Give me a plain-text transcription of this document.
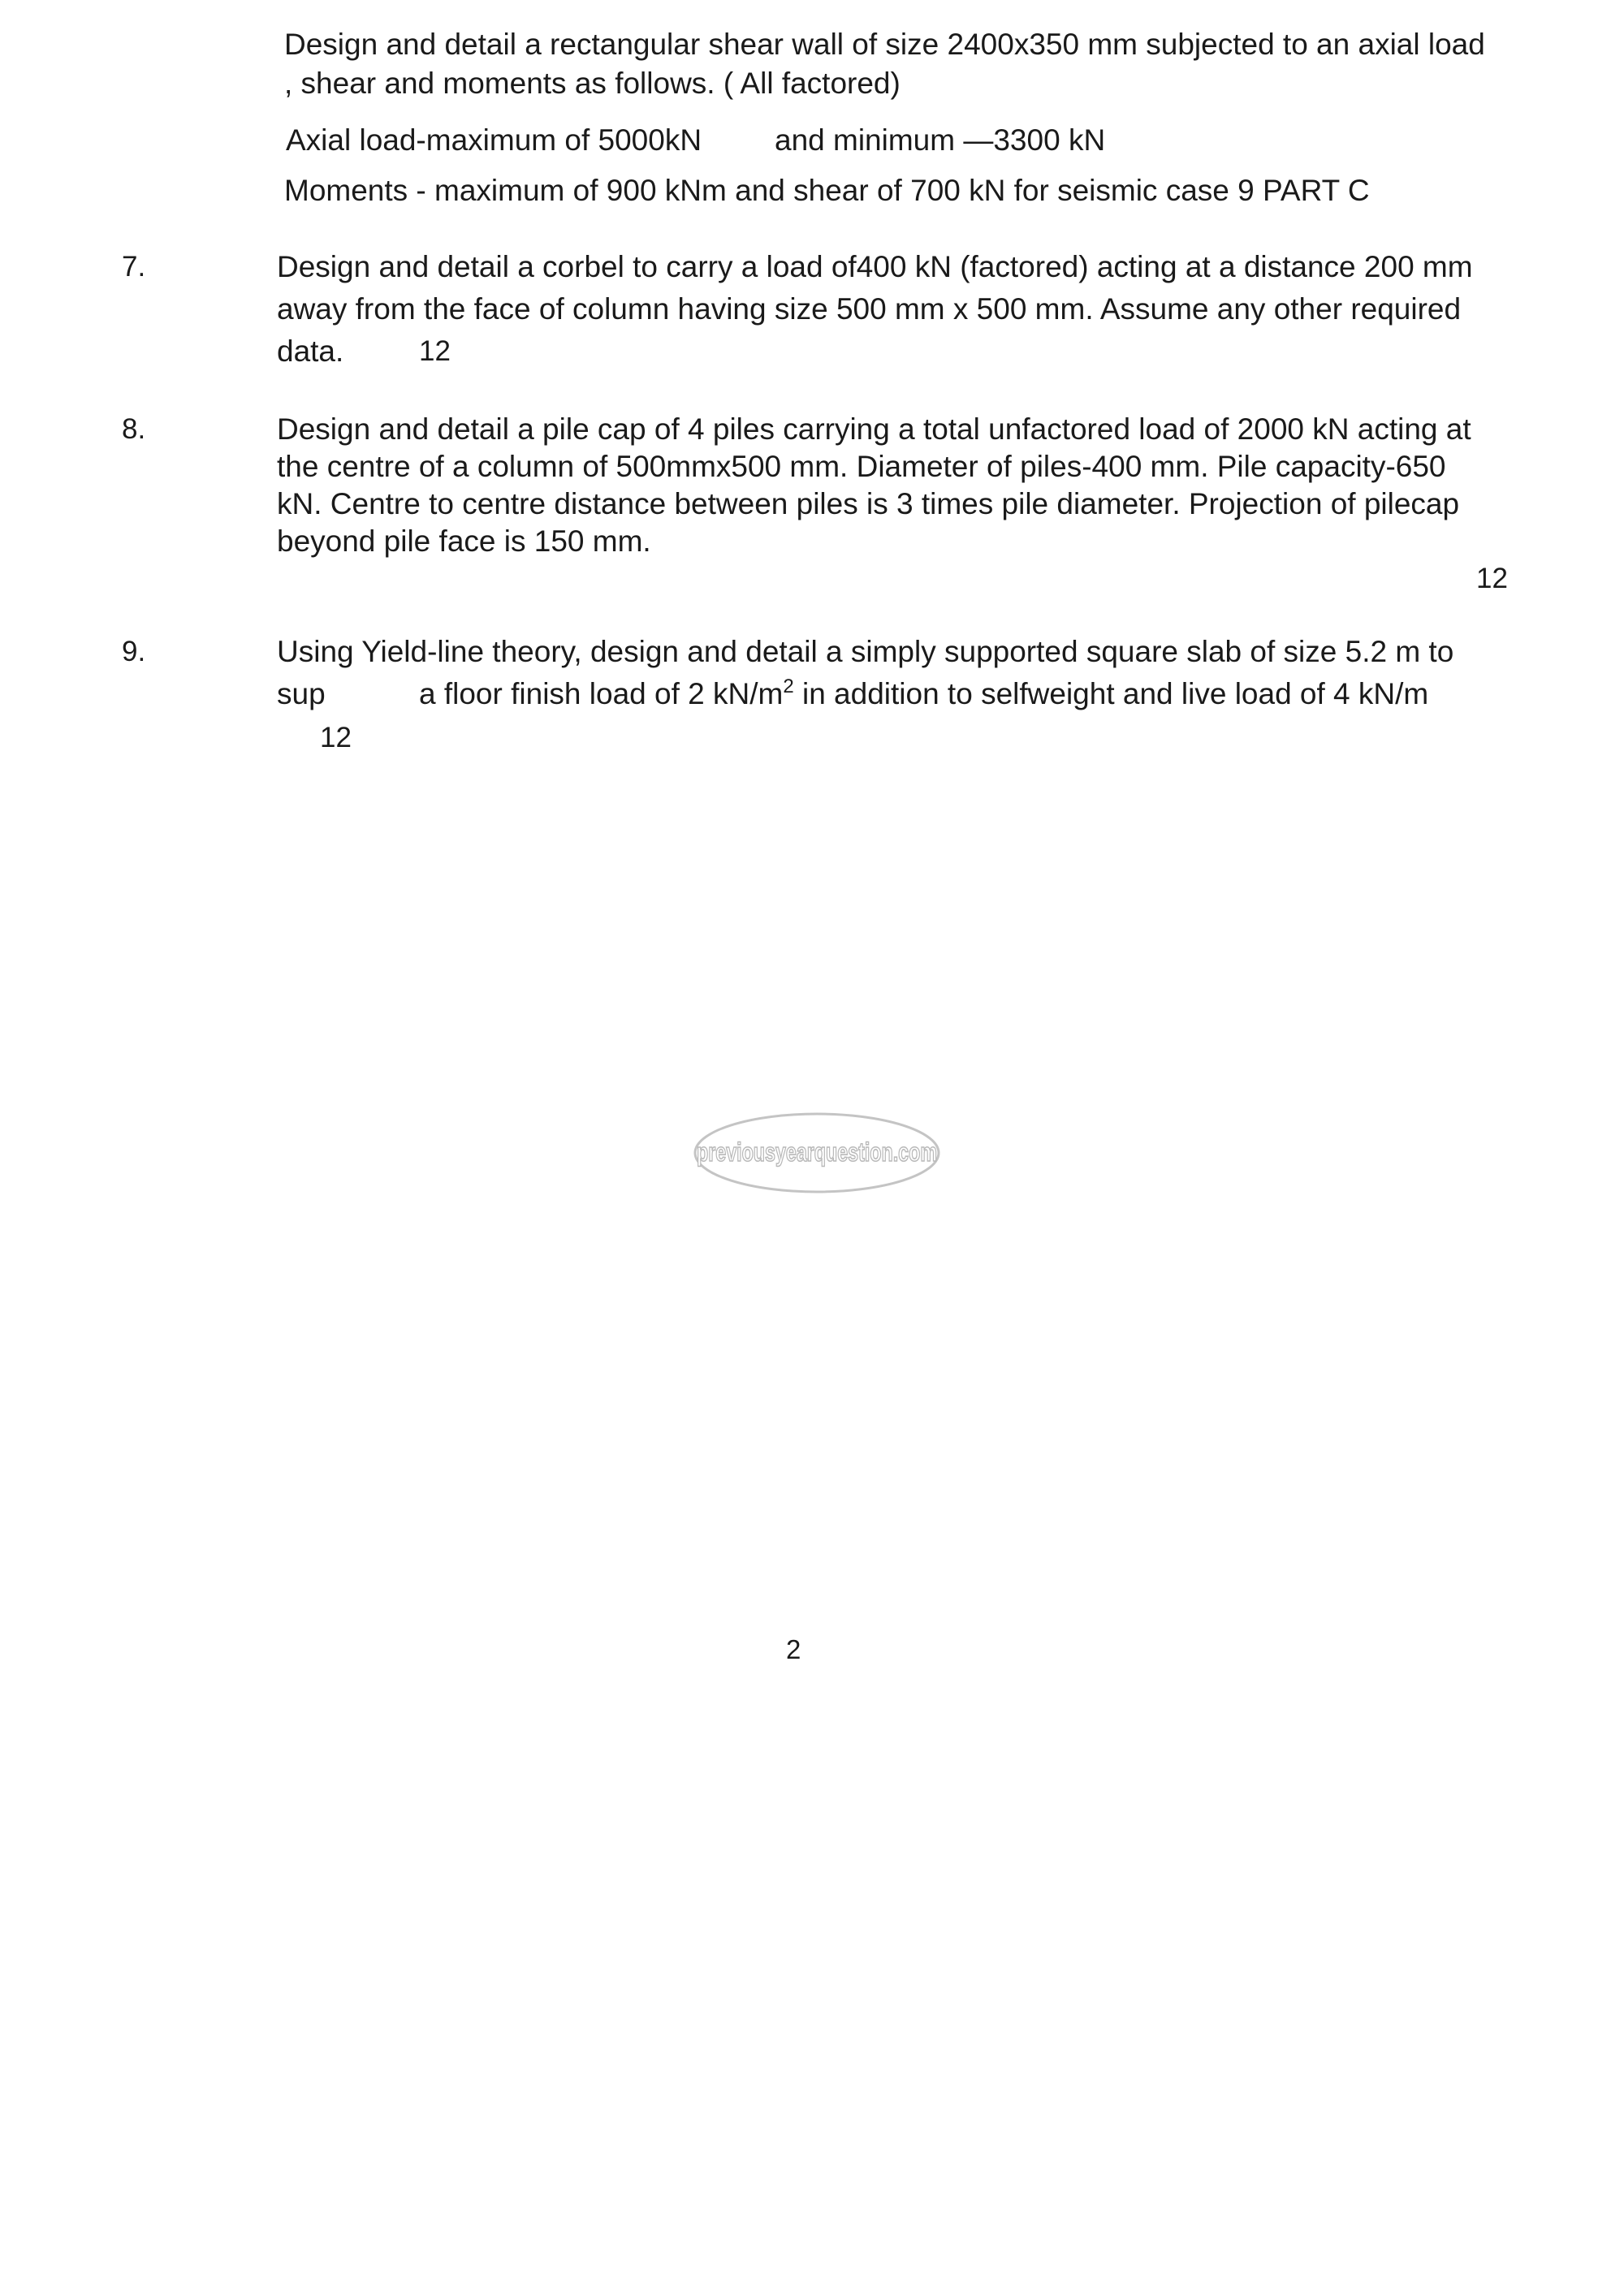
Design and detail a rectangular shear wall of size 2400x350 mm subjected to an axial load
, shear and moments as follows. ( All factored)
Axial load-maximum of 5000kN and minimum —3300 kN
Moments - maximum of 900 kNm and shear of 700 kN for seismic case 9 PART C
7.	Design and detail a corbel to carry a load of400 kN (factored) acting at a distance 200 mm
away from the face of column having size 500 mm x 500 mm. Assume any other required
data.	12
8.	Design and detail a pile cap of 4 piles carrying a total unfactored load of 2000 kN acting at
the centre of a column of 500mmx500 mm. Diameter of piles-400 mm. Pile capacity-650
kN. Centre to centre distance between piles is 3 times pile diameter. Projection of pilecap
beyond pile face is 150 mm.
12
9.	Using Yield-line theory, design and detail a simply supported square slab of size 5.2 m to
sup	a floor finish load of 2 $kN/m^2$ in addition to selfweight and live load of 4 kN/m
12
previousyearquestion.com
2
